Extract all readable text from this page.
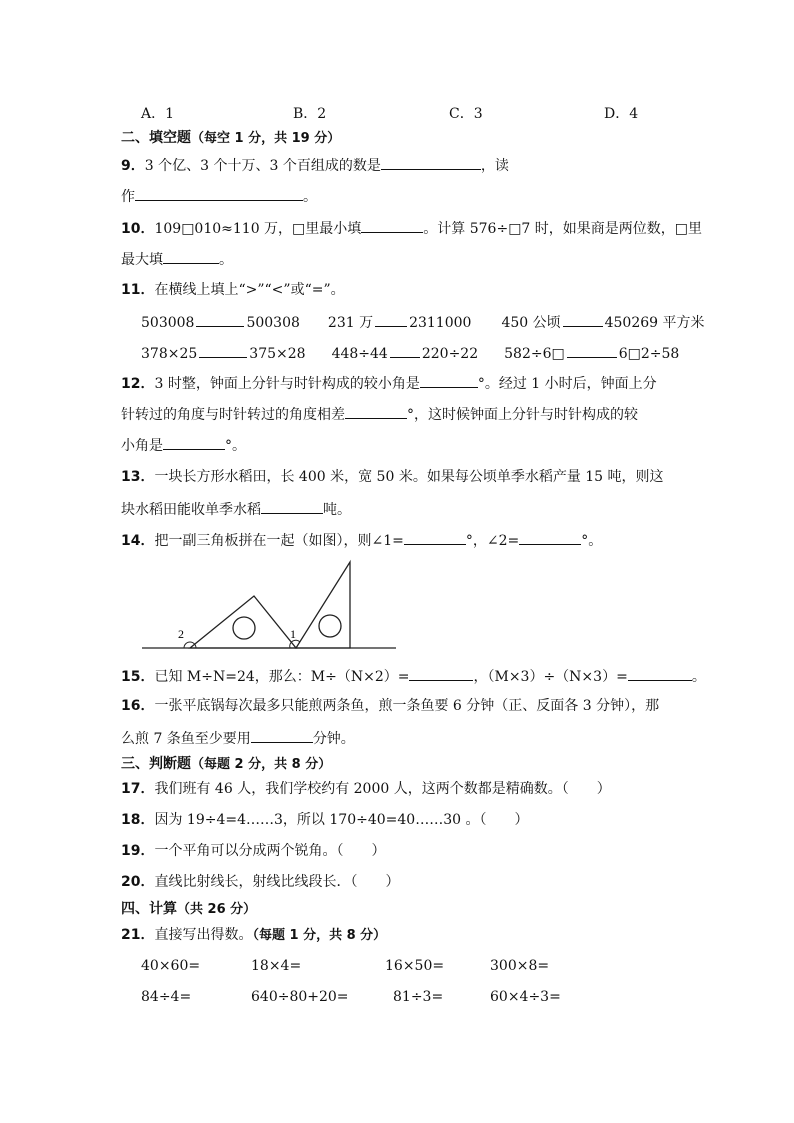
A．1	B．2	C．3	D．4
二、填空题（每空 1 分，共 19 分）
9．3 个亿、3 个十万、3 个百组成的数是	，读
作	。
10．109□010≈110 万，□里最小填	。计算 576÷□7 时，如果商是两位数，□里
最大填	。
11．在横线上填上“>”“<”或“=”。
503008	500308 231 万	2311000 450 公顷	450269 平方米
378×25	375×28 448÷44 220÷22 582÷6□	6□2÷58
12．3 时整，钟面上分针与时针构成的较小角是	°。经过 1 小时后，钟面上分
针转过的角度与时针转过的角度相差	°，这时候钟面上分针与时针构成的较
小角是	°。
13．一块长方形水稻田，长 400 米，宽 50 米。如果每公顷单季水稻产量 15 吨，则这
块水稻田能收单季水稻	吨。
14．把一副三角板拼在一起（如图），则∠1=	°，∠2=	°。
2	1
15．已知 M÷N=24，那么：M÷（N×2）=	，（M×3）÷（N×3）=	。
16．一张平底锅每次最多只能煎两条鱼，煎一条鱼要 6 分钟（正、反面各 3 分钟），那
么煎 7 条鱼至少要用	分钟。
三、判断题（每题 2 分，共 8 分）
17．我们班有 46 人，我们学校约有 2000 人，这两个数都是精确数。（　　）
18．因为 19÷4=4……3，所以 170÷40=40……30 。（　　）
19．一个平角可以分成两个锐角。（　　）
20．直线比射线长，射线比线段长．（　　）
四、计算（共 26 分）
21．直接写出得数。（每题 1 分，共 8 分）
40×60=	18×4=	16×50=	300×8=
84÷4=	640÷80+20=	81÷3=	60×4÷3=
